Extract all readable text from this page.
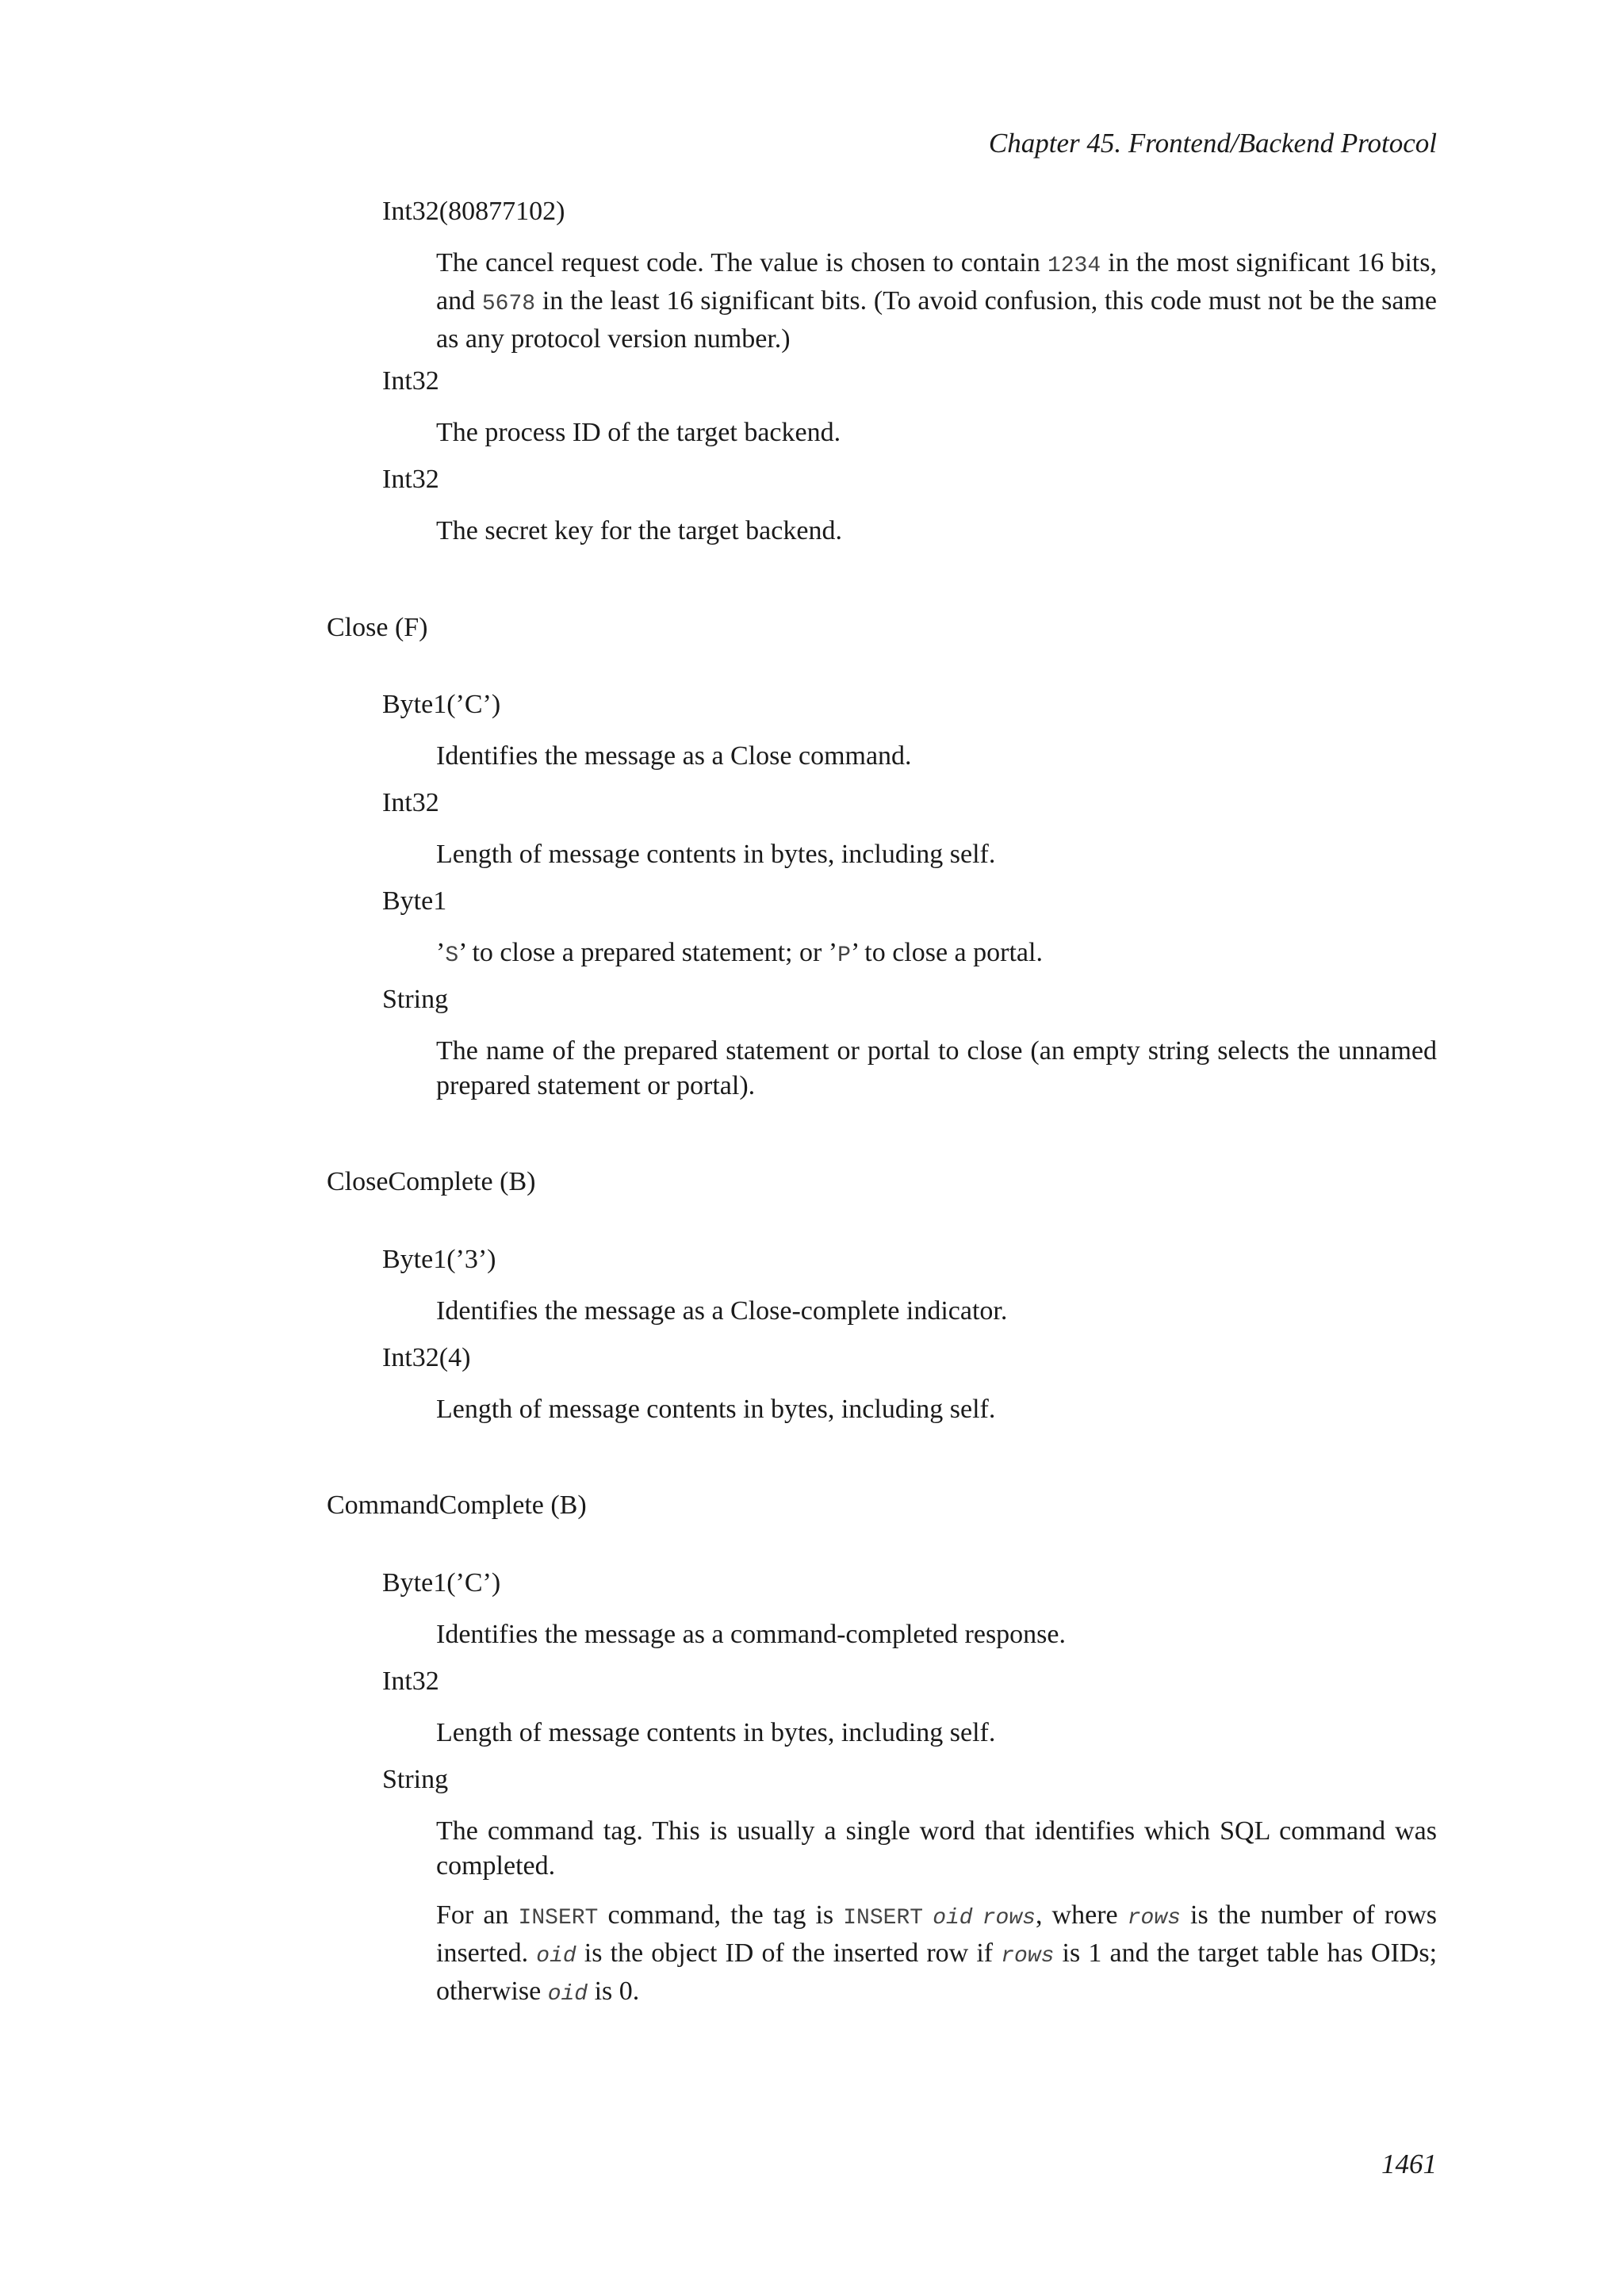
Chapter 45. Frontend/Backend Protocol
Int32(80877102)
The cancel request code. The value is chosen to contain 1234 in the most significant 16 bits, and 5678 in the least 16 significant bits. (To avoid confusion, this code must not be the same as any protocol version number.)
Int32
The process ID of the target backend.
Int32
The secret key for the target backend.
Close (F)
Byte1(’C’)
Identifies the message as a Close command.
Int32
Length of message contents in bytes, including self.
Byte1
’S’ to close a prepared statement; or ’P’ to close a portal.
String
The name of the prepared statement or portal to close (an empty string selects the unnamed prepared statement or portal).
CloseComplete (B)
Byte1(’3’)
Identifies the message as a Close-complete indicator.
Int32(4)
Length of message contents in bytes, including self.
CommandComplete (B)
Byte1(’C’)
Identifies the message as a command-completed response.
Int32
Length of message contents in bytes, including self.
String
The command tag. This is usually a single word that identifies which SQL command was completed.
For an INSERT command, the tag is INSERT oid rows, where rows is the number of rows inserted. oid is the object ID of the inserted row if rows is 1 and the target table has OIDs; otherwise oid is 0.
1461
